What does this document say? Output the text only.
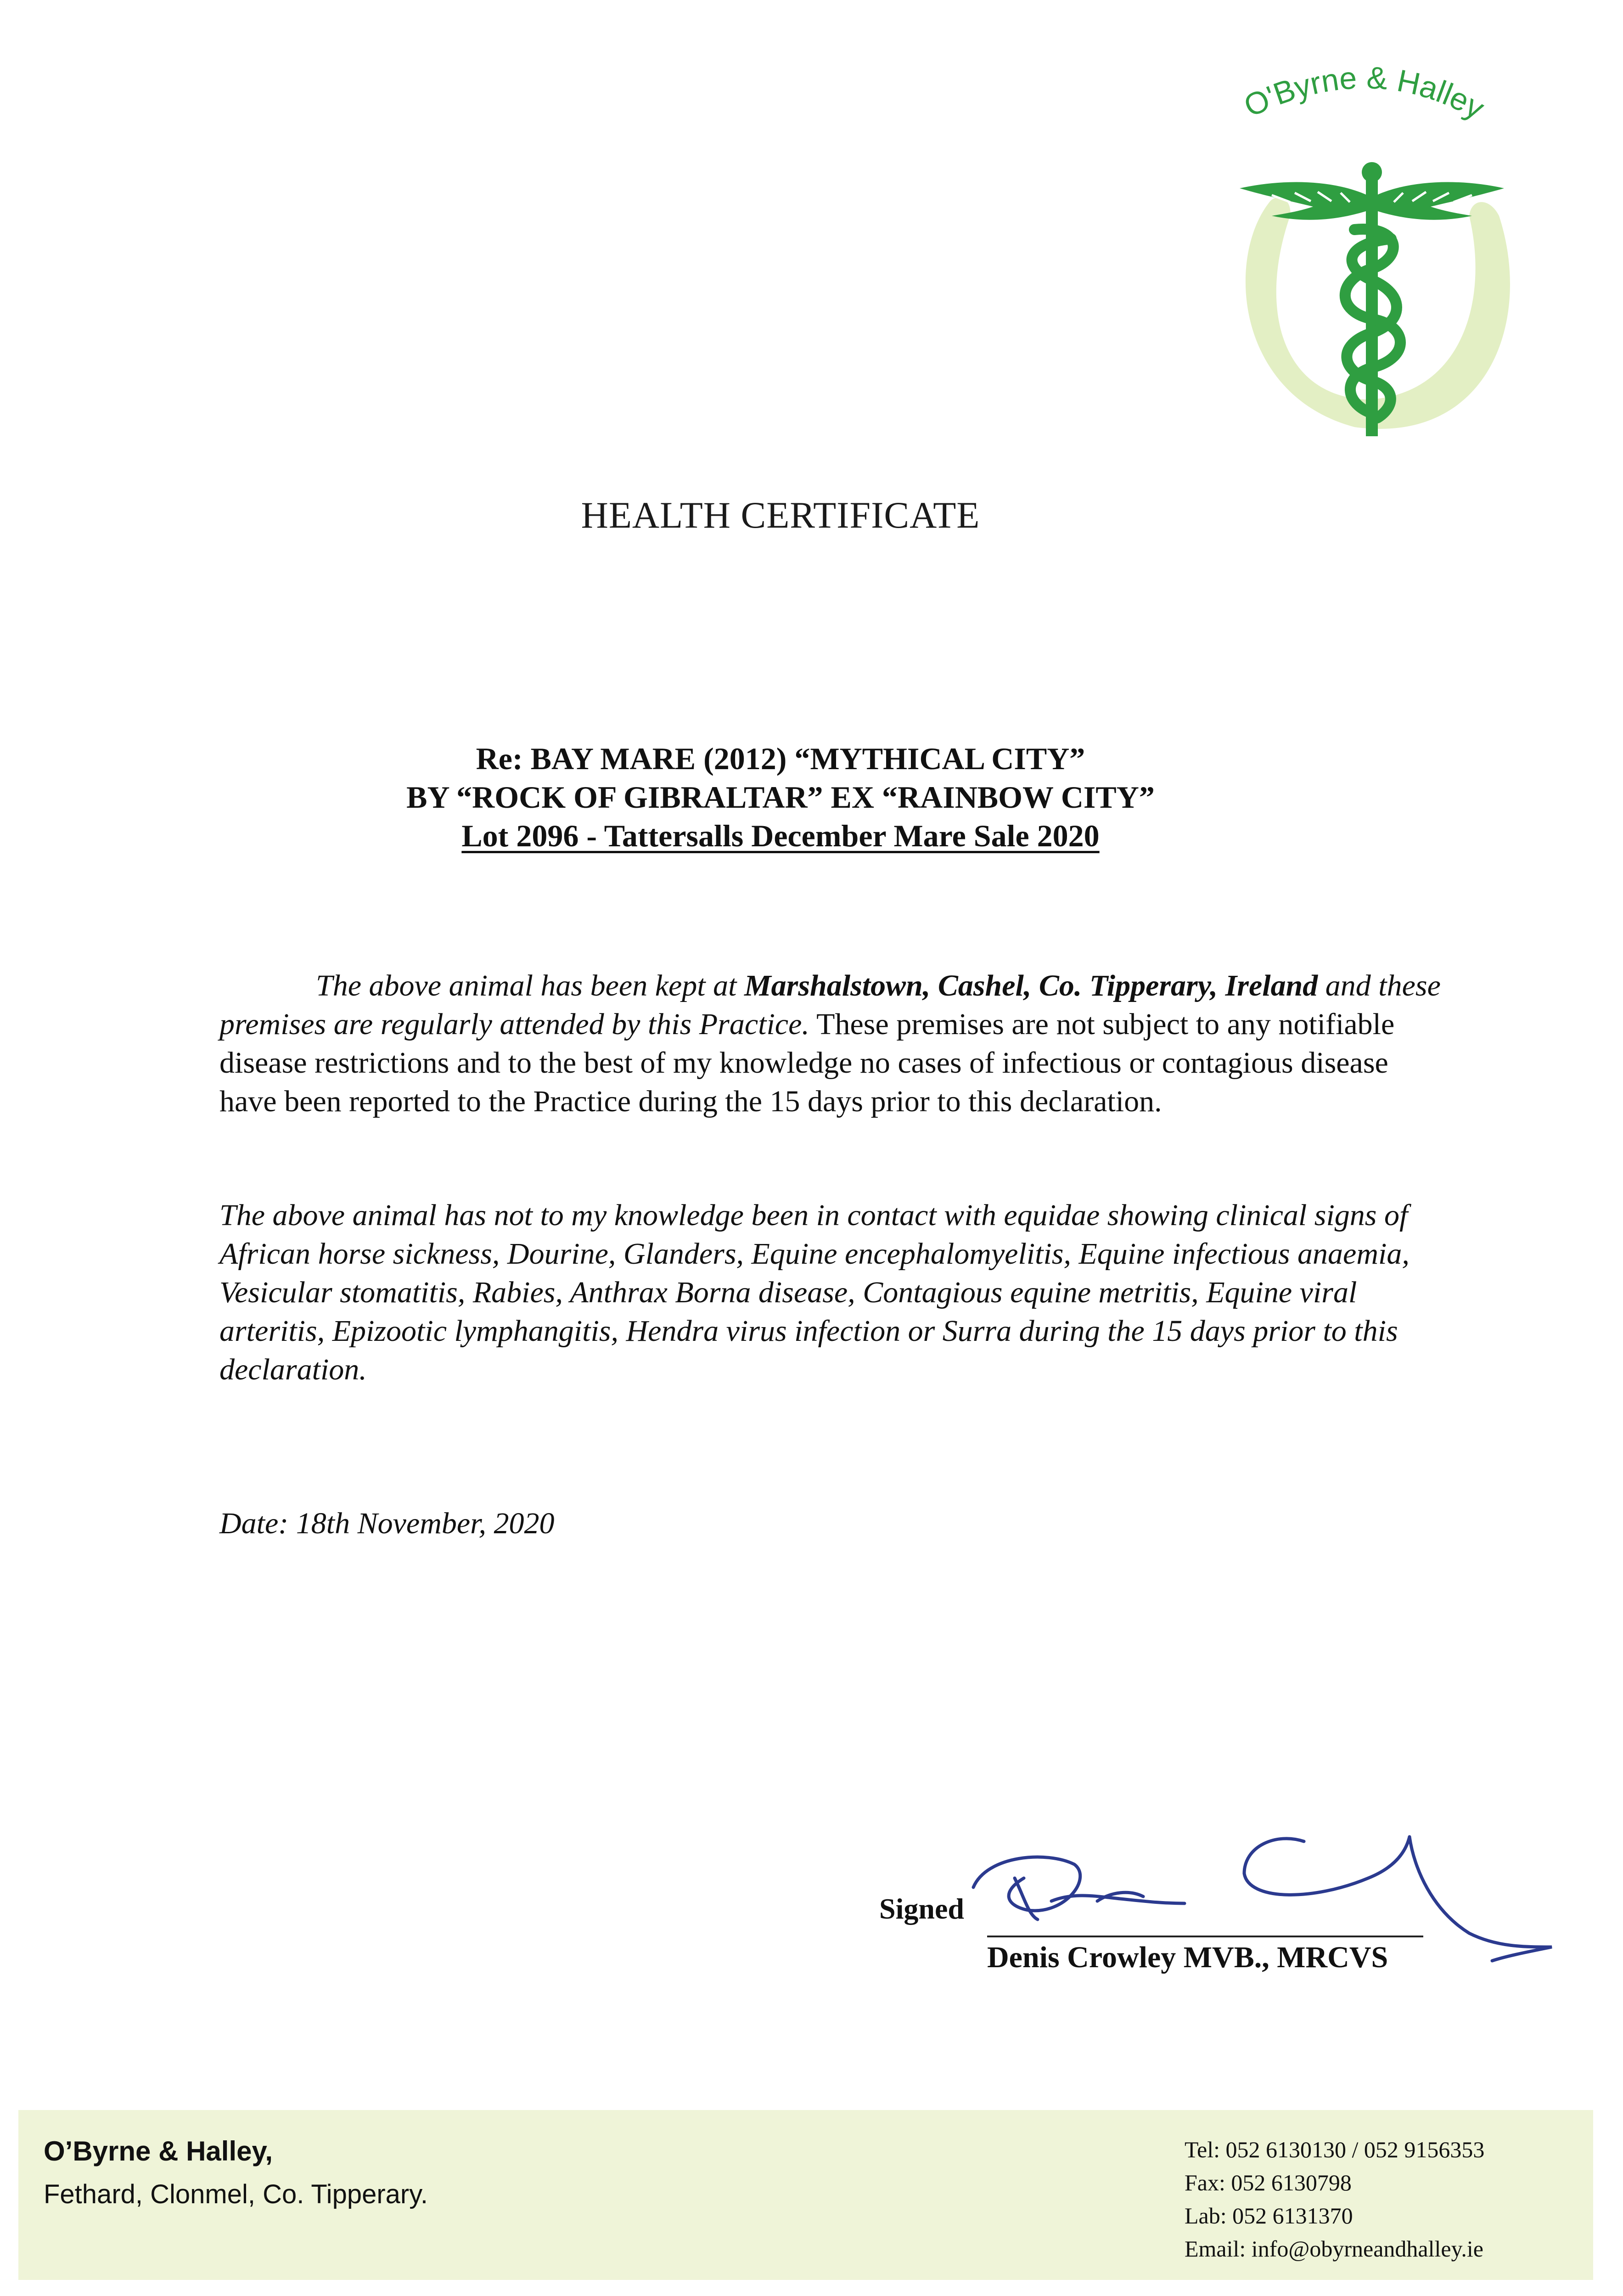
O'Byrne & Halley
HEALTH CERTIFICATE
Re: BAY MARE (2012) “MYTHICAL CITY”
BY “ROCK OF GIBRALTAR” EX “RAINBOW CITY”
Lot 2096 - Tattersalls December Mare Sale 2020
The above animal has been kept at Marshalstown, Cashel, Co. Tipperary, Ireland and these premises are regularly attended by this Practice. These premises are not subject to any notifiable disease restrictions and to the best of my knowledge no cases of infectious or contagious disease have been reported to the Practice during the 15 days prior to this declaration.
The above animal has not to my knowledge been in contact with equidae showing clinical signs of African horse sickness, Dourine, Glanders, Equine encephalomyelitis, Equine infectious anaemia, Vesicular stomatitis, Rabies, Anthrax Borna disease, Contagious equine metritis, Equine viral arteritis, Epizootic lymphangitis, Hendra virus infection or Surra during the 15 days prior to this declaration.
Date: 18th November, 2020
Signed
Denis Crowley MVB., MRCVS
O’Byrne & Halley,
Fethard, Clonmel, Co. Tipperary.
Tel: 052 6130130 / 052 9156353
Fax: 052 6130798
Lab: 052 6131370
Email: info@obyrneandhalley.ie
